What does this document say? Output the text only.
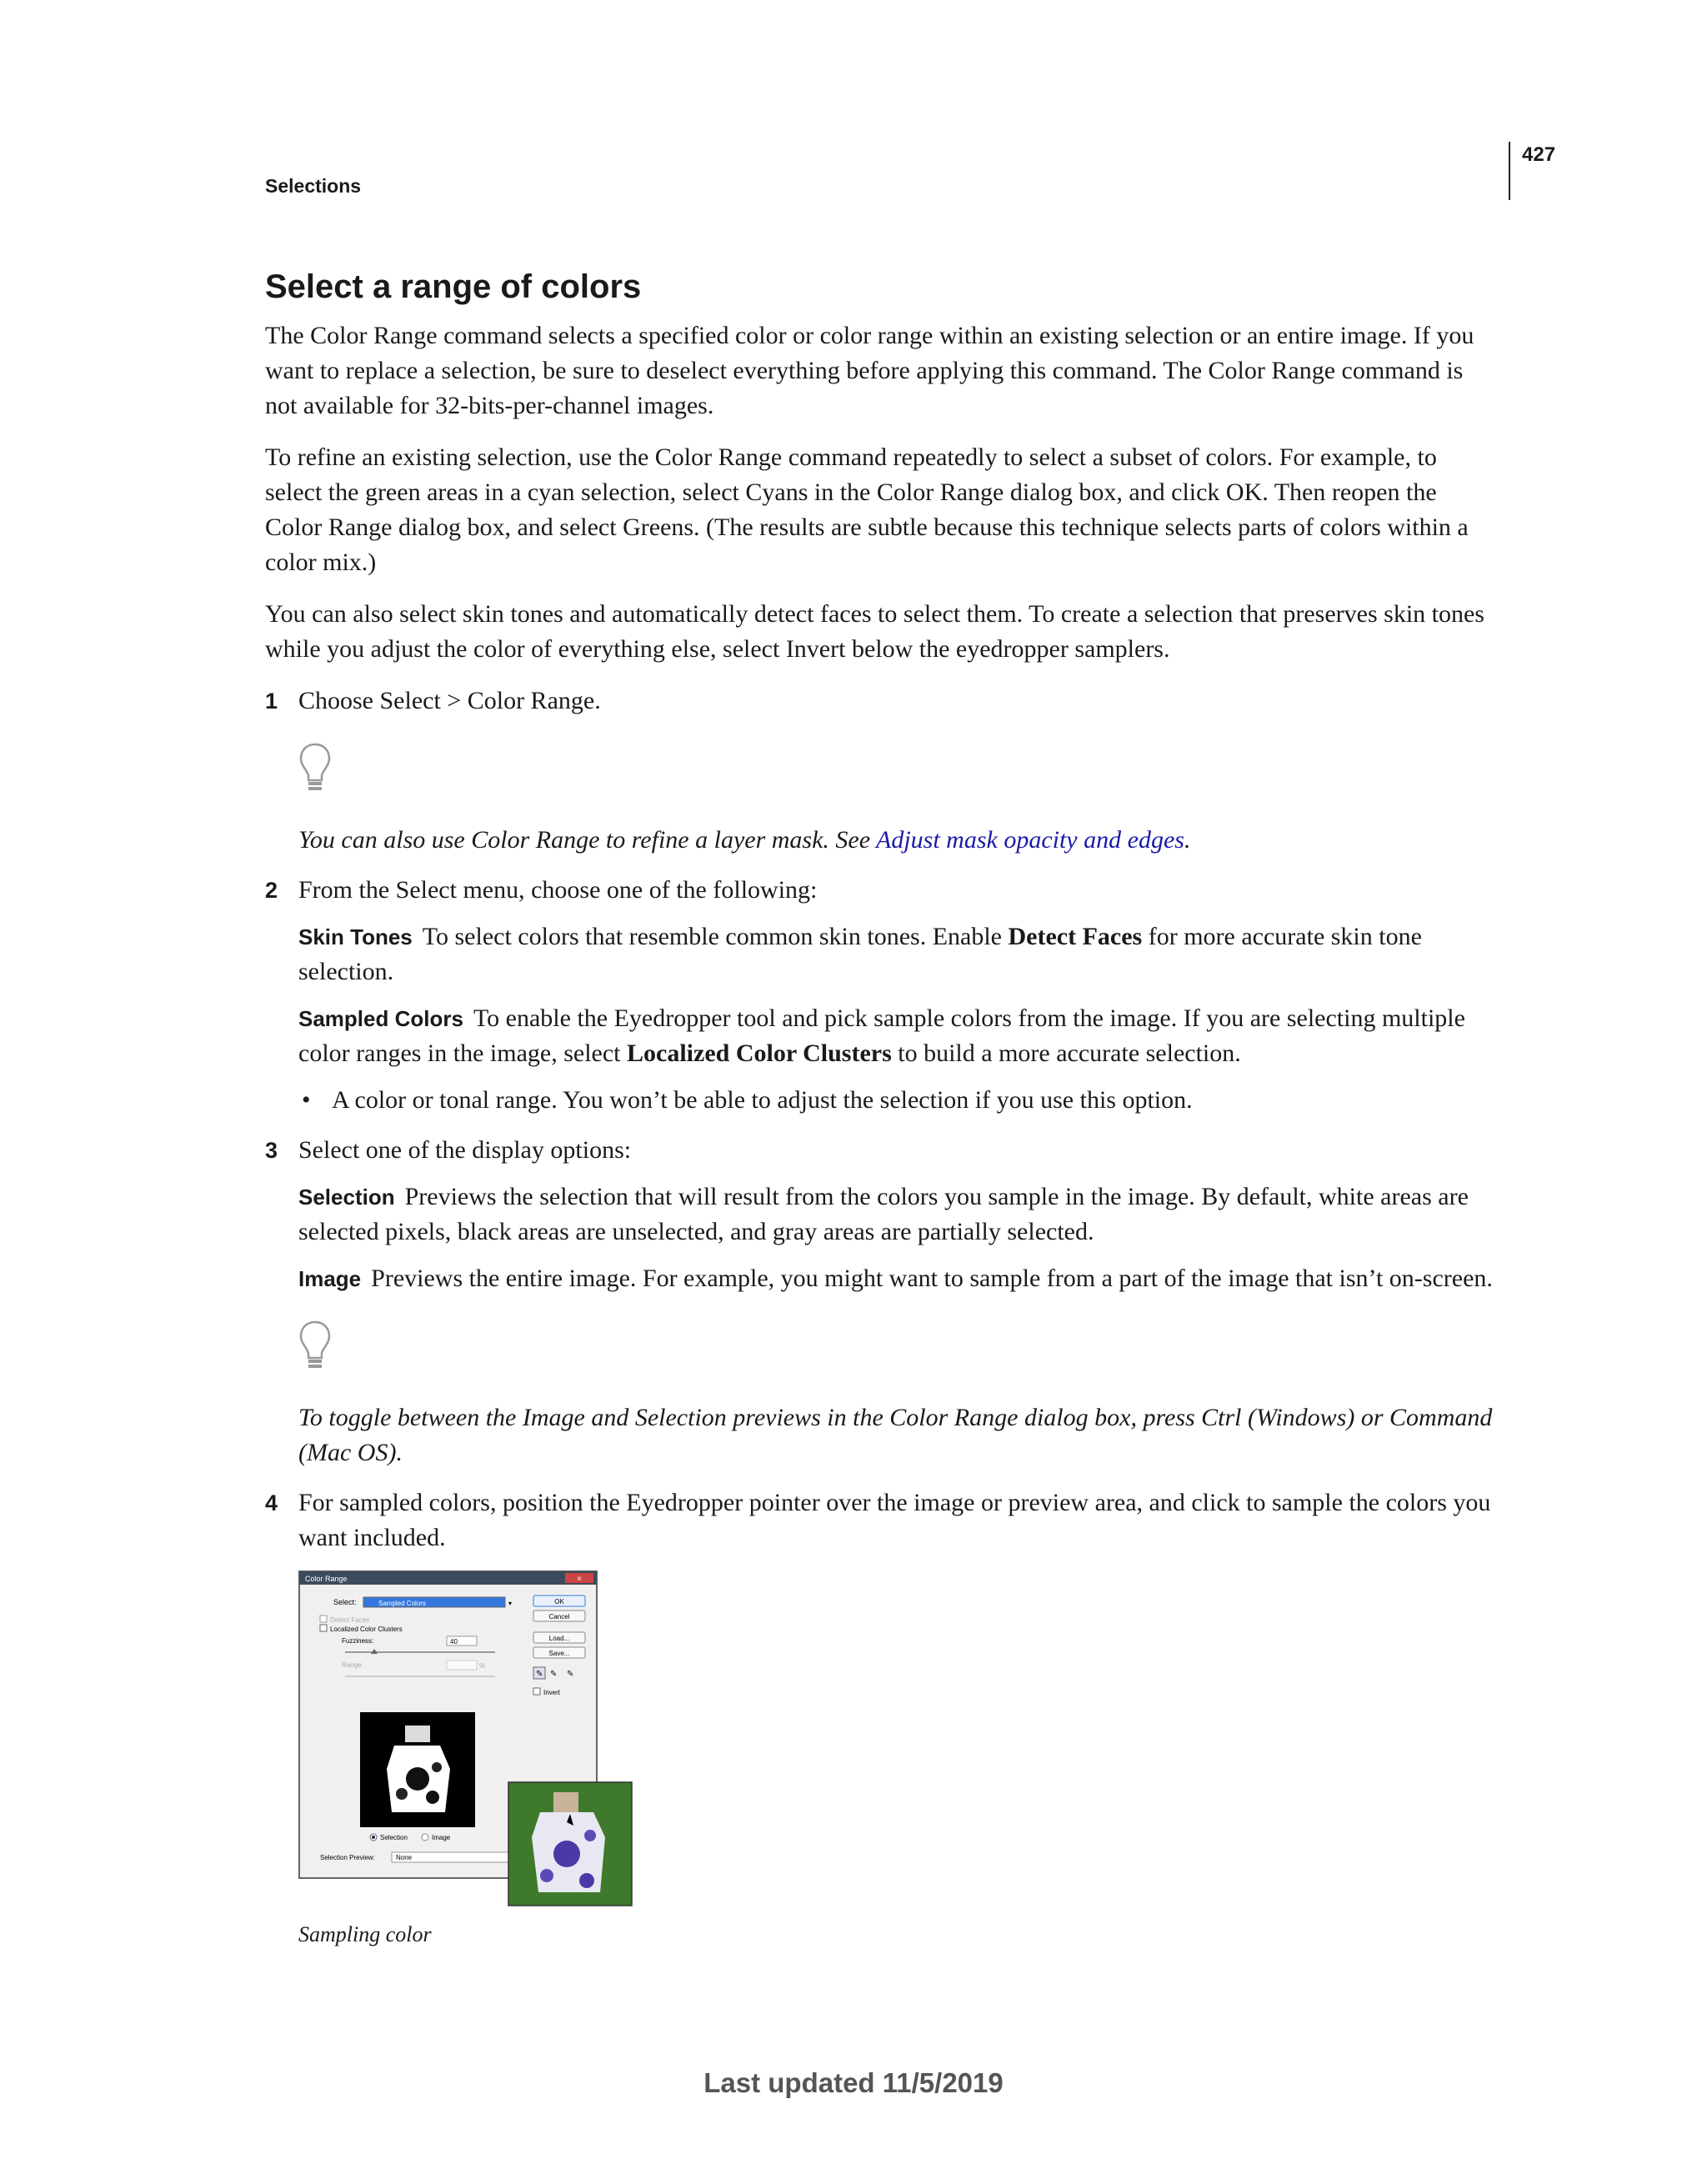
427
Selections
Select a range of colors

The Color Range command selects a specified color or color range within an existing selection or an entire image. If you want to replace a selection, be sure to deselect everything before applying this command. The Color Range command is not available for 32-bits-per-channel images.

To refine an existing selection, use the Color Range command repeatedly to select a subset of colors. For example, to select the green areas in a cyan selection, select Cyans in the Color Range dialog box, and click OK. Then reopen the Color Range dialog box, and select Greens. (The results are subtle because this technique selects parts of colors within a color mix.)

You can also select skin tones and automatically detect faces to select them. To create a selection that preserves skin tones while you adjust the color of everything else, select Invert below the eyedropper samplers.

1 Choose Select > Color Range.

You can also use Color Range to refine a layer mask. See Adjust mask opacity and edges.

2 From the Select menu, choose one of the following:

Skin Tones To select colors that resemble common skin tones. Enable Detect Faces for more accurate skin tone selection.

Sampled Colors To enable the Eyedropper tool and pick sample colors from the image. If you are selecting multiple color ranges in the image, select Localized Color Clusters to build a more accurate selection.

• A color or tonal range. You won’t be able to adjust the selection if you use this option.

3 Select one of the display options:

Selection Previews the selection that will result from the colors you sample in the image. By default, white areas are selected pixels, black areas are unselected, and gray areas are partially selected.

Image Previews the entire image. For example, you might want to sample from a part of the image that isn’t on-screen.

To toggle between the Image and Selection previews in the Color Range dialog box, press Ctrl (Windows) or Command (Mac OS).

4 For sampled colors, position the Eyedropper pointer over the image or preview area, and click to sample the colors you want included.

Color Range	×
Select:	Sampled Colors	▾
Detect Faces
Localized Color Clusters
Fuzziness:	40
Range:	%
OK
Cancel
Load...
Save...
✎ ✎ ✎
Invert
Selection	Image
Selection Preview:	None
Sampling color
Last updated 11/5/2019
